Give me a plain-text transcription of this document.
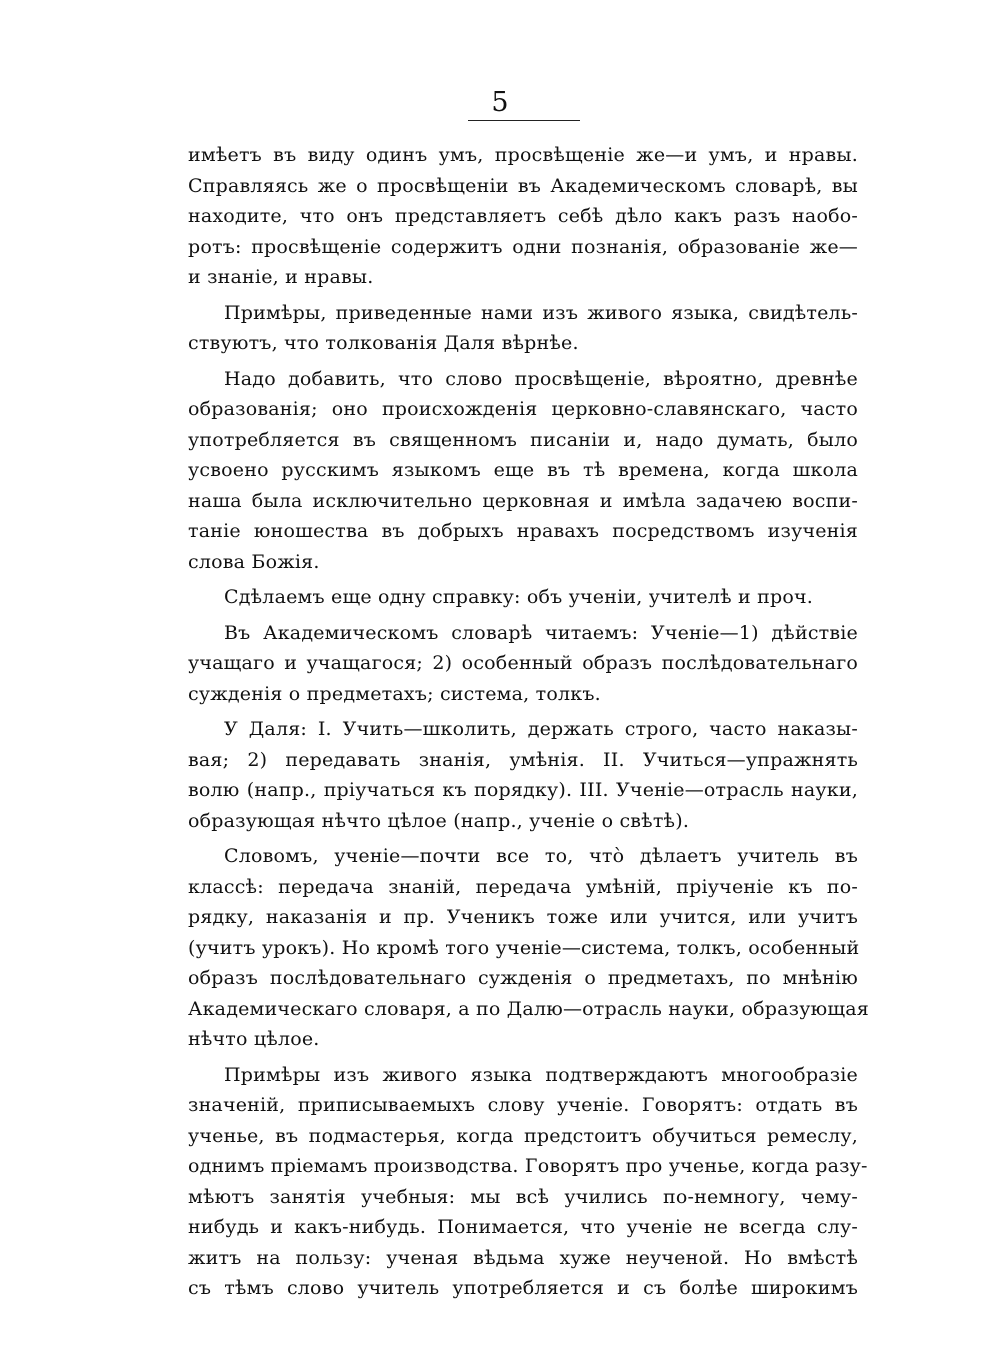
5
имѣетъ въ виду одинъ умъ, просвѣщеніе же—и умъ, и нравы.
Справляясь же о просвѣщеніи въ Академическомъ словарѣ, вы
находите, что онъ представляетъ себѣ дѣло какъ разъ наобо-
ротъ: просвѣщеніе содержитъ одни познанія, образованіе же—
и знаніе, и нравы.
Примѣры, приведенные нами изъ живого языка, свидѣтель-
ствуютъ, что толкованія Даля вѣрнѣе.
Надо добавить, что слово просвѣщеніе, вѣроятно, древнѣе
образованія; оно происхожденія церковно-славянскаго, часто
употребляется въ священномъ писаніи и, надо думать, было
усвоено русскимъ языкомъ еще въ тѣ времена, когда школа
наша была исключительно церковная и имѣла задачею воспи-
таніе юношества въ добрыхъ нравахъ посредствомъ изученія
слова Божія.
Сдѣлаемъ еще одну справку: объ ученіи, учителѣ и проч.
Въ Академическомъ словарѣ читаемъ: Ученіе—1) дѣйствіе
учащаго и учащагося; 2) особенный образъ послѣдовательнаго
сужденія о предметахъ; система, толкъ.
У Даля: I. Учить—школить, держать строго, часто наказы-
вая; 2) передавать знанія, умѣнія. II. Учиться—упражнять
волю (напр., пріучаться къ порядку). III. Ученіе—отрасль науки,
образующая нѣчто цѣлое (напр., ученіе о свѣтѣ).
Словомъ, ученіе—почти все то, что̀ дѣлаетъ учитель въ
классѣ: передача знаній, передача умѣній, пріученіе къ по-
рядку, наказанія и пр. Ученикъ тоже или учится, или учитъ
(учитъ урокъ). Но кромѣ того ученіе—система, толкъ, особенный
образъ послѣдовательнаго сужденія о предметахъ, по мнѣнію
Академическаго словаря, а по Далю—отрасль науки, образующая
нѣчто цѣлое.
Примѣры изъ живого языка подтверждаютъ многообразіе
значеній, приписываемыхъ слову ученіе. Говорятъ: отдать въ
ученье, въ подмастерья, когда предстоитъ обучиться ремеслу,
однимъ пріемамъ производства. Говорятъ про ученье, когда разу-
мѣютъ занятія учебныя: мы всѣ учились по-немногу, чему-
нибудь и какъ-нибудь. Понимается, что ученіе не всегда слу-
житъ на пользу: ученая вѣдьма хуже неученой. Но вмѣстѣ
съ тѣмъ слово учитель употребляется и съ болѣе широкимъ
